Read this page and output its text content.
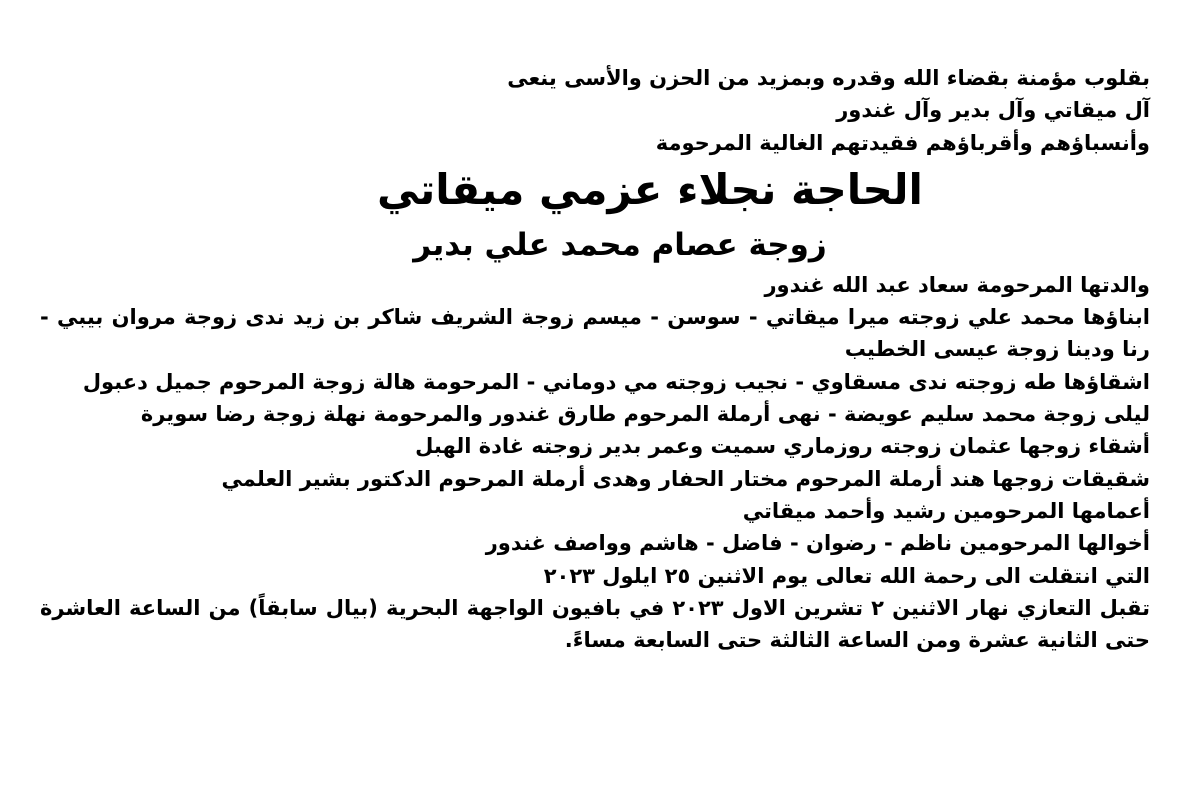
بقلوب مؤمنة بقضاء الله وقدره وبمزيد من الحزن والأسى ينعى
آل ميقاتي وآل بدير وآل غندور
وأنسباؤهم وأقرباؤهم فقيدتهم الغالية المرحومة
الحاجة نجلاء عزمي ميقاتي
زوجة عصام محمد علي بدير
والدتها المرحومة سعاد عبد الله غندور
ابناؤها محمد علي زوجته ميرا ميقاتي - سوسن - ميسم زوجة الشريف شاكر بن زيد ندى زوجة مروان بيبي - رنا ودينا زوجة عيسى الخطيب
اشقاؤها طه زوجته ندى مسقاوي - نجيب زوجته مي دوماني - المرحومة هالة زوجة المرحوم جميل دعبول
ليلى زوجة محمد سليم عويضة - نهى أرملة المرحوم طارق غندور والمرحومة نهلة زوجة رضا سويرة
أشقاء زوجها عثمان زوجته روزماري سميت وعمر بدير زوجته غادة الهبل
شقيقات زوجها هند أرملة المرحوم مختار الحفار وهدى أرملة المرحوم الدكتور بشير العلمي
أعمامها المرحومين رشيد وأحمد ميقاتي
أخوالها المرحومين ناظم - رضوان - فاضل - هاشم وواصف غندور
التي انتقلت الى رحمة الله تعالى يوم الاثنين ٢٥ ايلول ٢٠٢٣
تقبل التعازي نهار الاثنين ٢ تشرين الاول ٢٠٢٣ في بافيون الواجهة البحرية (بيال سابقاً) من الساعة العاشرة حتى الثانية عشرة ومن الساعة الثالثة حتى السابعة مساءً.
